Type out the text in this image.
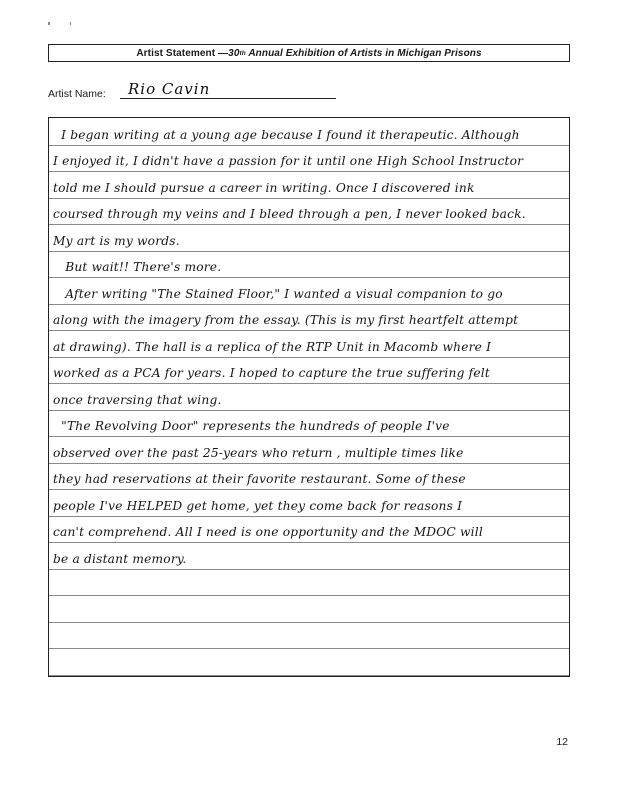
Artist Statement — 30 th Annual Exhibition of Artists in Michigan Prisons
Artist Name: Rio Cavin
I began writing at a young age because I found it therapeutic. Although
I enjoyed it, I didn't have a passion for it until one High School Instructor
told me I should pursue a career in writing. Once I discovered ink
coursed through my veins and I bleed through a pen, I never looked back.
My art is my words.
But wait!! There's more.
After writing "The Stained Floor," I wanted a visual companion to go
along with the imagery from the essay. (This is my first heartfelt attempt
at drawing). The hall is a replica of the RTP Unit in Macomb where I
worked as a PCA for years. I hoped to capture the true suffering felt
once traversing that wing.
"The Revolving Door" represents the hundreds of people I've
observed over the past 25-years who return , multiple times like
they had reservations at their favorite restaurant. Some of these
people I've HELPED get home, yet they come back for reasons I
can't comprehend. All I need is one opportunity and the MDOC will
be a distant memory.
12
